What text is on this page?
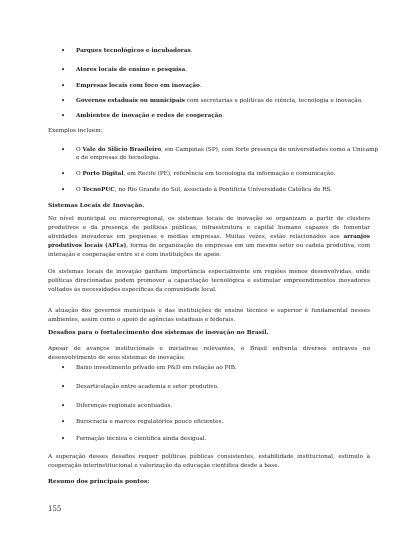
• Parques tecnológicos e incubadoras.
• Atores locais de ensino e pesquisa.
• Empresas locais com foco em inovação.
• Governos estaduais ou municipais com secretarias e políticas de ciência, tecnologia e inovação.
• Ambientes de inovação e redes de cooperação.
Exemplos incluem:
• O Vale do Silício Brasileiro, em Campinas (SP), com forte presença de universidades como a Unicamp
e de empresas de tecnologia.
• O Porto Digital, em Recife (PE), referência em tecnologia da informação e comunicação.
• O TecnoPUC, no Rio Grande do Sul, associado à Pontifícia Universidade Católica do RS.
Sistemas Locais de Inovação.
No nível municipal ou microrregional, os sistemas locais de inovação se organizam a partir de clusters produtivos e da presença de políticas públicas, infraestrutura e capital humano capazes de fomentar atividades inovadoras em pequenas e médias empresas. Muitas vezes, estão relacionados aos arranjos produtivos locais (APLs), forma de organização de empresas em um mesmo setor ou cadeia produtiva, com interação e cooperação entre si e com instituições de apoio.
Os sistemas locais de inovação ganham importância especialmente em regiões menos desenvolvidas, onde políticas direcionadas podem promover a capacitação tecnológica e estimular empreendimentos inovadores voltados às necessidades específicas da comunidade local.
A atuação dos governos municipais e das instituições de ensino técnico e superior é fundamental nesses ambientes, assim como o apoio de agências estaduais e federais.
Desafios para o fortalecimento dos sistemas de inovação no Brasil.
Apesar de avanços institucionais e iniciativas relevantes, o Brasil enfrenta diversos entraves no desenvolvimento de seus sistemas de inovação:
• Baixo investimento privado em P&D em relação ao PIB.
• Desarticulação entre academia e setor produtivo.
• Diferenças regionais acentuadas.
• Burocracia e marcos regulatórios pouco eficientes.
• Formação técnica e científica ainda desigual.
A superação desses desafios requer políticas públicas consistentes, estabilidade institucional, estímulo à cooperação interinstitucional e valorização da educação científica desde a base.
Resumo dos principais pontos:
155
